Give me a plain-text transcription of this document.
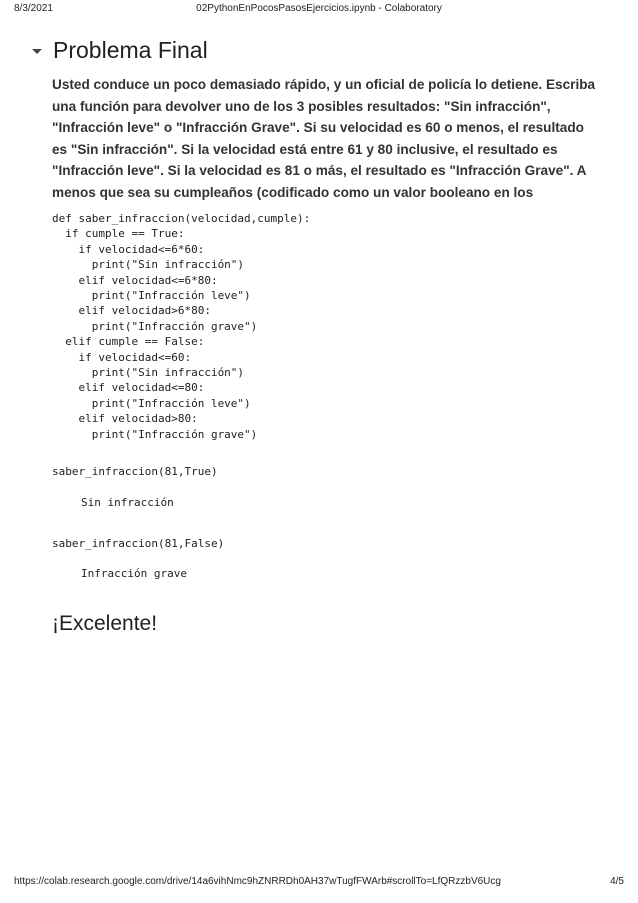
8/3/2021	02PythonEnPocosPasosEjercicios.ipynb - Colaboratory
Problema Final

Usted conduce un poco demasiado rápido, y un oficial de policía lo detiene. Escriba una función para devolver uno de los 3 posibles resultados: "Sin infracción", "Infracción leve" o "Infracción Grave". Si su velocidad es 60 o menos, el resultado es "Sin infracción". Si la velocidad está entre 61 y 80 inclusive, el resultado es "Infracción leve". Si la velocidad es 81 o más, el resultado es "Infracción Grave". A menos que sea su cumpleaños (codificado como un valor booleano en los

def saber_infraccion(velocidad,cumple):
if cumple == True:
if velocidad<=6*60:
print("Sin infracción")
elif velocidad<=6*80:
print("Infracción leve")
elif velocidad>6*80:
print("Infracción grave")
elif cumple == False:
if velocidad<=60:
print("Sin infracción")
elif velocidad<=80:
print("Infracción leve")
elif velocidad>80:
print("Infracción grave")
saber_infraccion(81,True)
Sin infracción
saber_infraccion(81,False)
Infracción grave
¡Excelente!
https://colab.research.google.com/drive/14a6vihNmc9hZNRRDh0AH37wTugfFWArb#scrollTo=LfQRzzbV6Ucg	4/5
